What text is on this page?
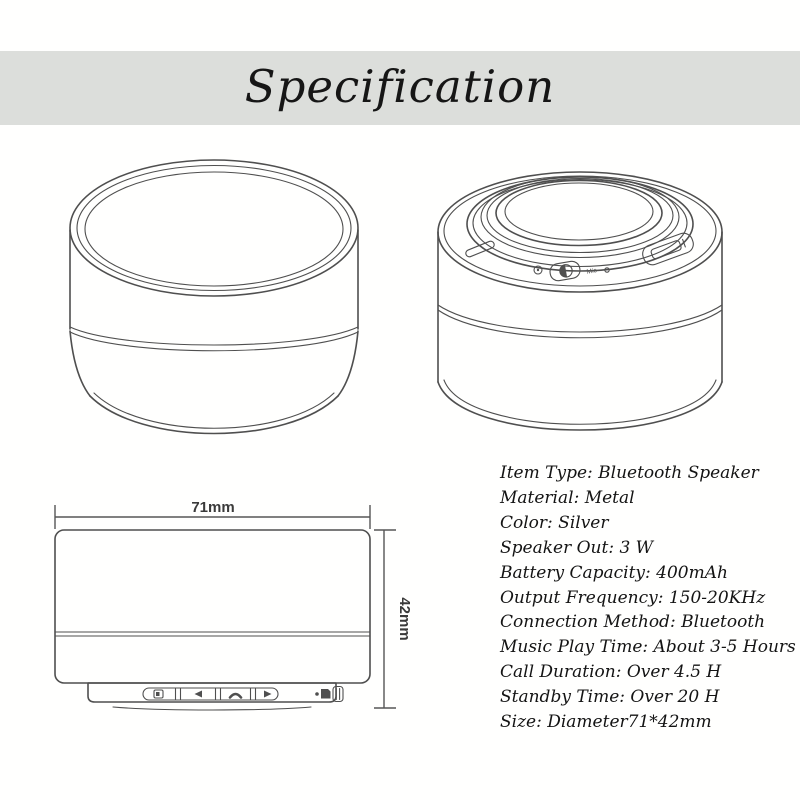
Specification
Mic
71mm
42mm
Item Type: Bluetooth Speaker
Material: Metal
Color: Silver
Speaker Out: 3 W
Battery Capacity: 400mAh
Output Frequency: 150-20KHz
Connection Method: Bluetooth
Music Play Time: About 3-5 Hours
Call Duration: Over 4.5 H
Standby Time: Over 20 H
Size: Diameter71*42mm
